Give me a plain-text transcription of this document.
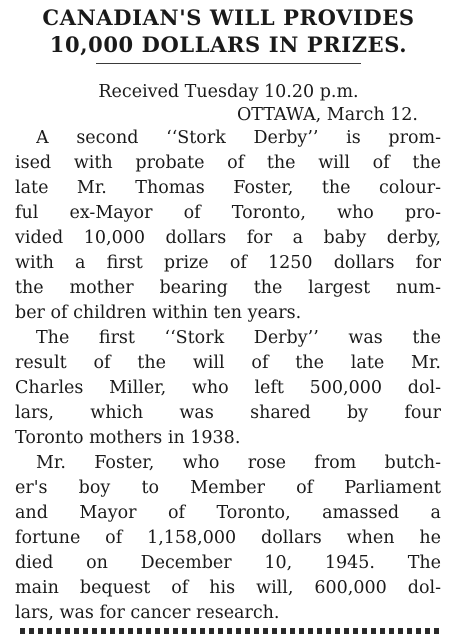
CANADIAN'S WILL PROVIDES
10,000 DOLLARS IN PRIZES.
Received Tuesday 10.20 p.m.
OTTAWA, March 12.
A second ‘‘Stork Derby’’ is prom-
ised with probate of the will of the
late Mr. Thomas Foster, the colour-
ful ex-Mayor of Toronto, who pro-
vided 10,000 dollars for a baby derby,
with a first prize of 1250 dollars for
the mother bearing the largest num-
ber of children within ten years.
The first ‘‘Stork Derby’’ was the
result of the will of the late Mr.
Charles Miller, who left 500,000 dol-
lars, which was shared by four
Toronto mothers in 1938.
Mr. Foster, who rose from butch-
er's boy to Member of Parliament
and Mayor of Toronto, amassed a
fortune of 1,158,000 dollars when he
died on December 10, 1945. The
main bequest of his will, 600,000 dol-
lars, was for cancer research.
